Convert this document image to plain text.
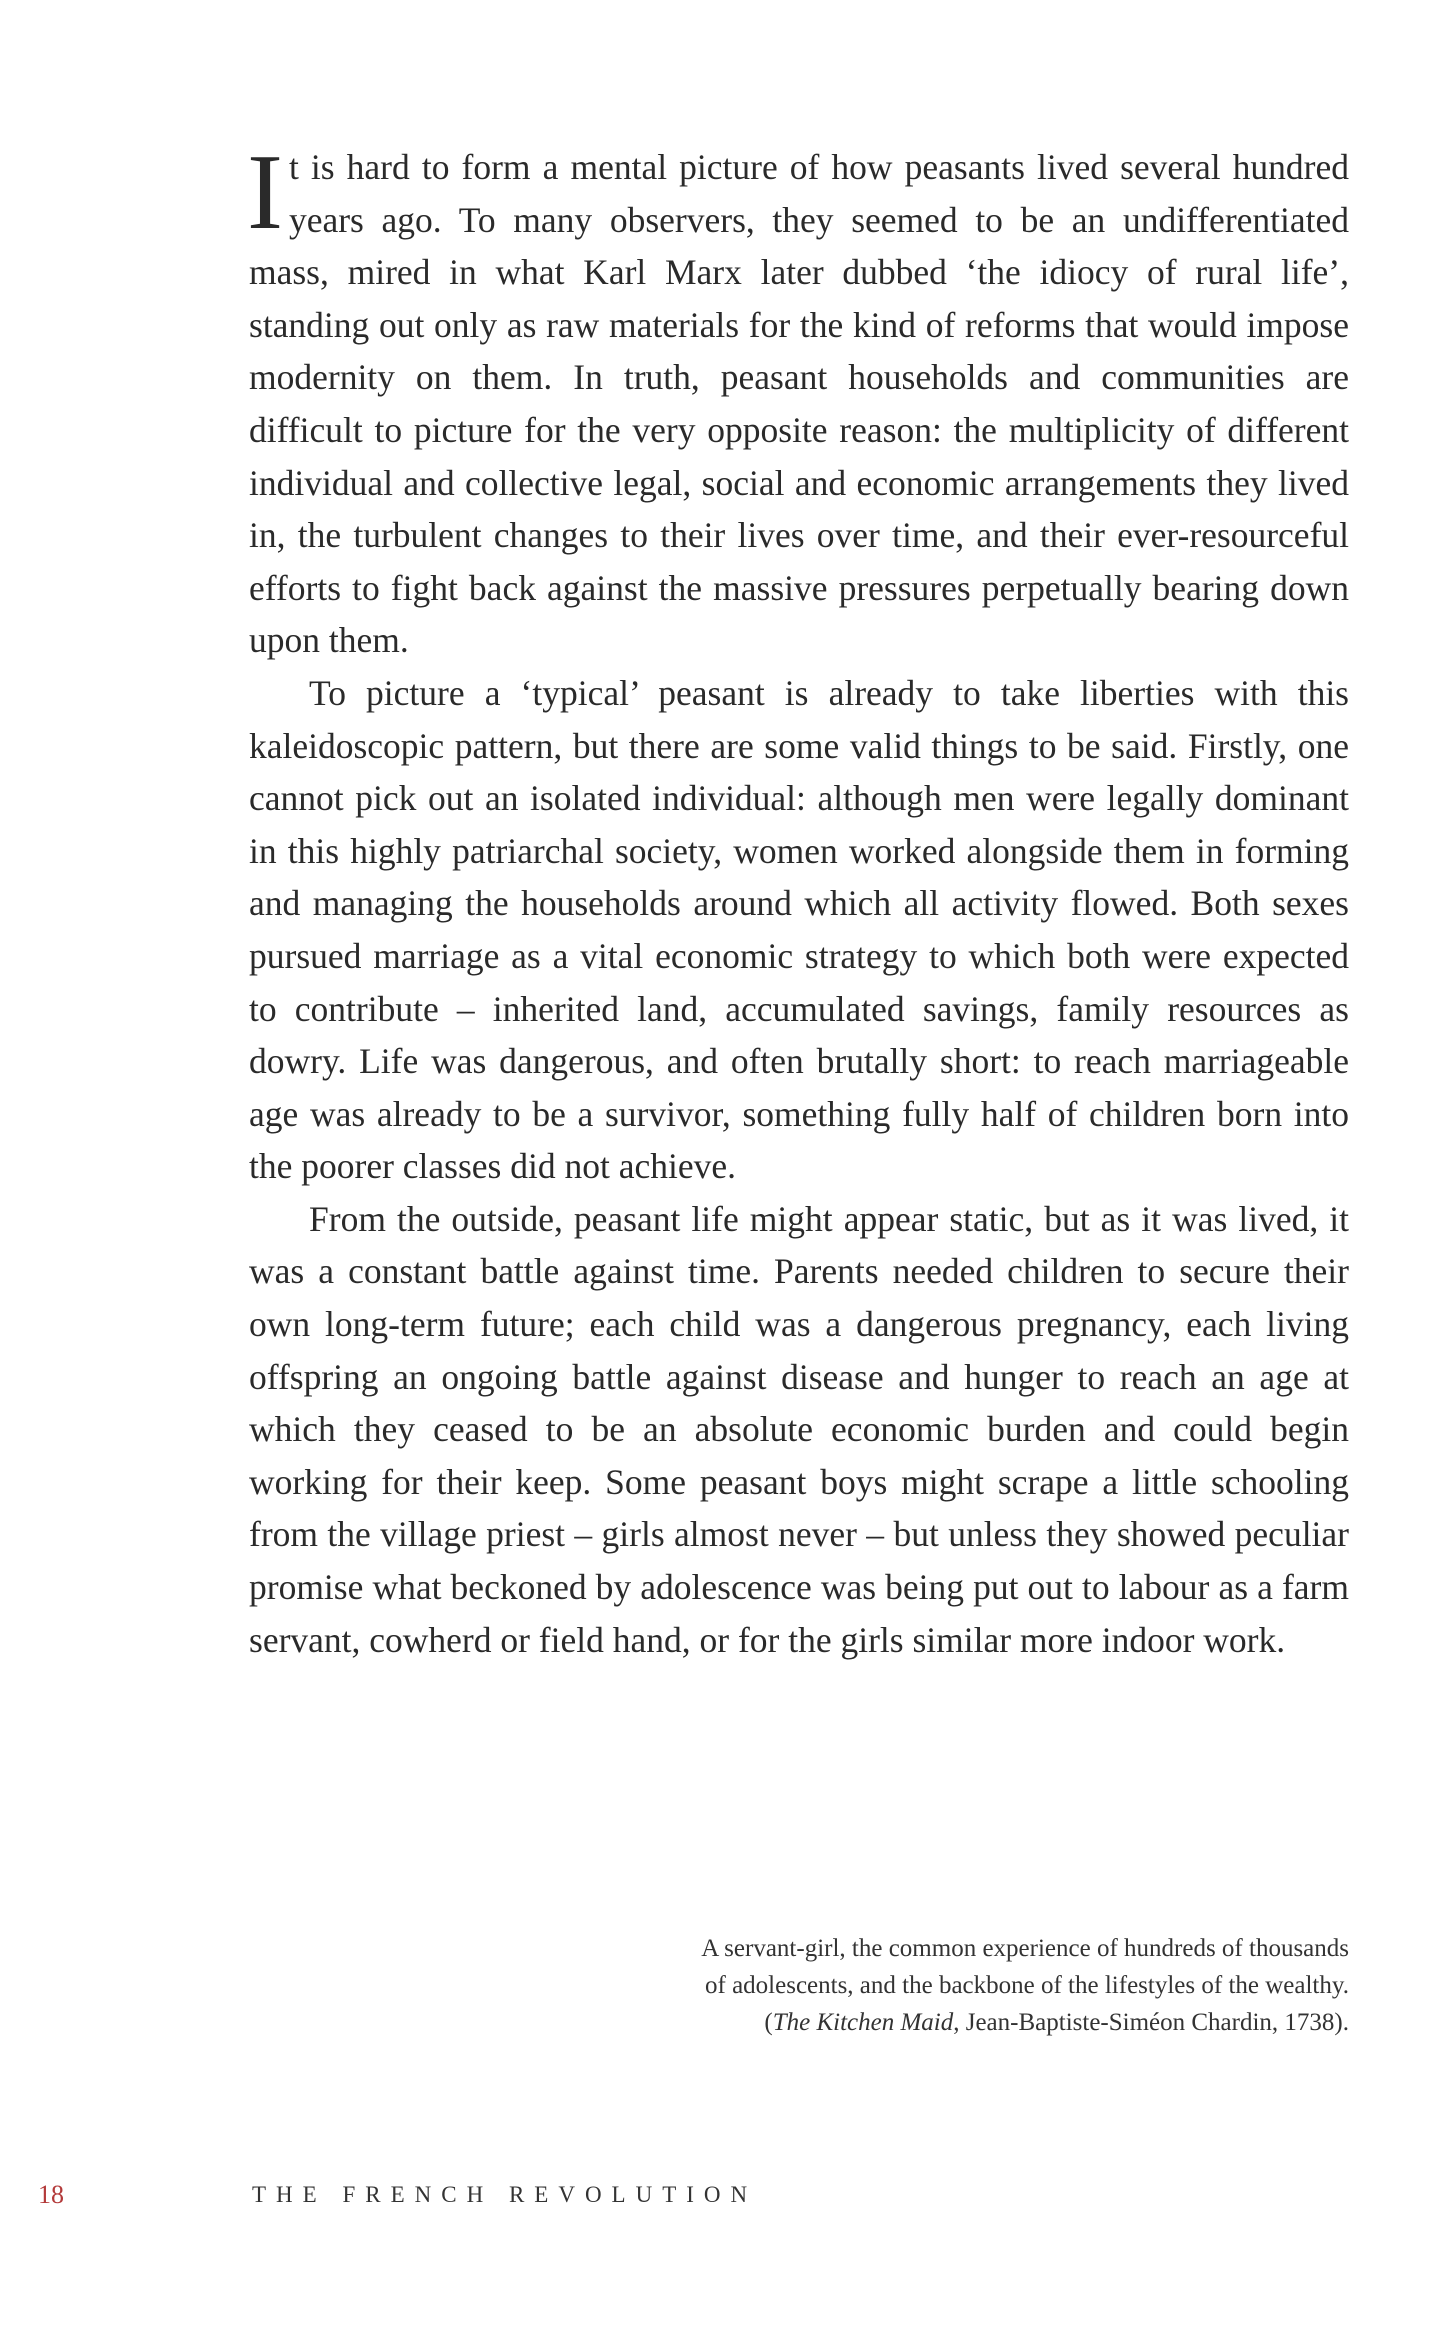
It is hard to form a mental picture of how peasants lived several hundred years ago. To many observers, they seemed to be an undifferentiated mass, mired in what Karl Marx later dubbed ‘the idiocy of rural life’, standing out only as raw materials for the kind of reforms that would impose modernity on them. In truth, peasant households and communities are difficult to picture for the very opposite reason: the multiplicity of different individual and collective legal, social and economic arrangements they lived in, the turbulent changes to their lives over time, and their ever-resourceful efforts to fight back against the massive pressures perpetually bearing down upon them.

To picture a ‘typical’ peasant is already to take liberties with this kaleidoscopic pattern, but there are some valid things to be said. Firstly, one cannot pick out an isolated individual: although men were legally dominant in this highly patriarchal society, women worked alongside them in forming and managing the households around which all activity flowed. Both sexes pursued marriage as a vital economic strategy to which both were expected to contribute – inherited land, accumulated savings, family resources as dowry. Life was dangerous, and often brutally short: to reach marriageable age was already to be a survivor, something fully half of children born into the poorer classes did not achieve.

From the outside, peasant life might appear static, but as it was lived, it was a constant battle against time. Parents needed children to secure their own long-term future; each child was a dangerous pregnancy, each living offspring an ongoing battle against disease and hunger to reach an age at which they ceased to be an absolute economic burden and could begin working for their keep. Some peasant boys might scrape a little schooling from the village priest – girls almost never – but unless they showed peculiar promise what beckoned by adolescence was being put out to labour as a farm servant, cowherd or field hand, or for the girls similar more indoor work.

A servant-girl, the common experience of hundreds of thousands
of adolescents, and the backbone of the lifestyles of the wealthy.
(The Kitchen Maid, Jean-Baptiste-Siméon Chardin, 1738).
18	THE FRENCH REVOLUTION
